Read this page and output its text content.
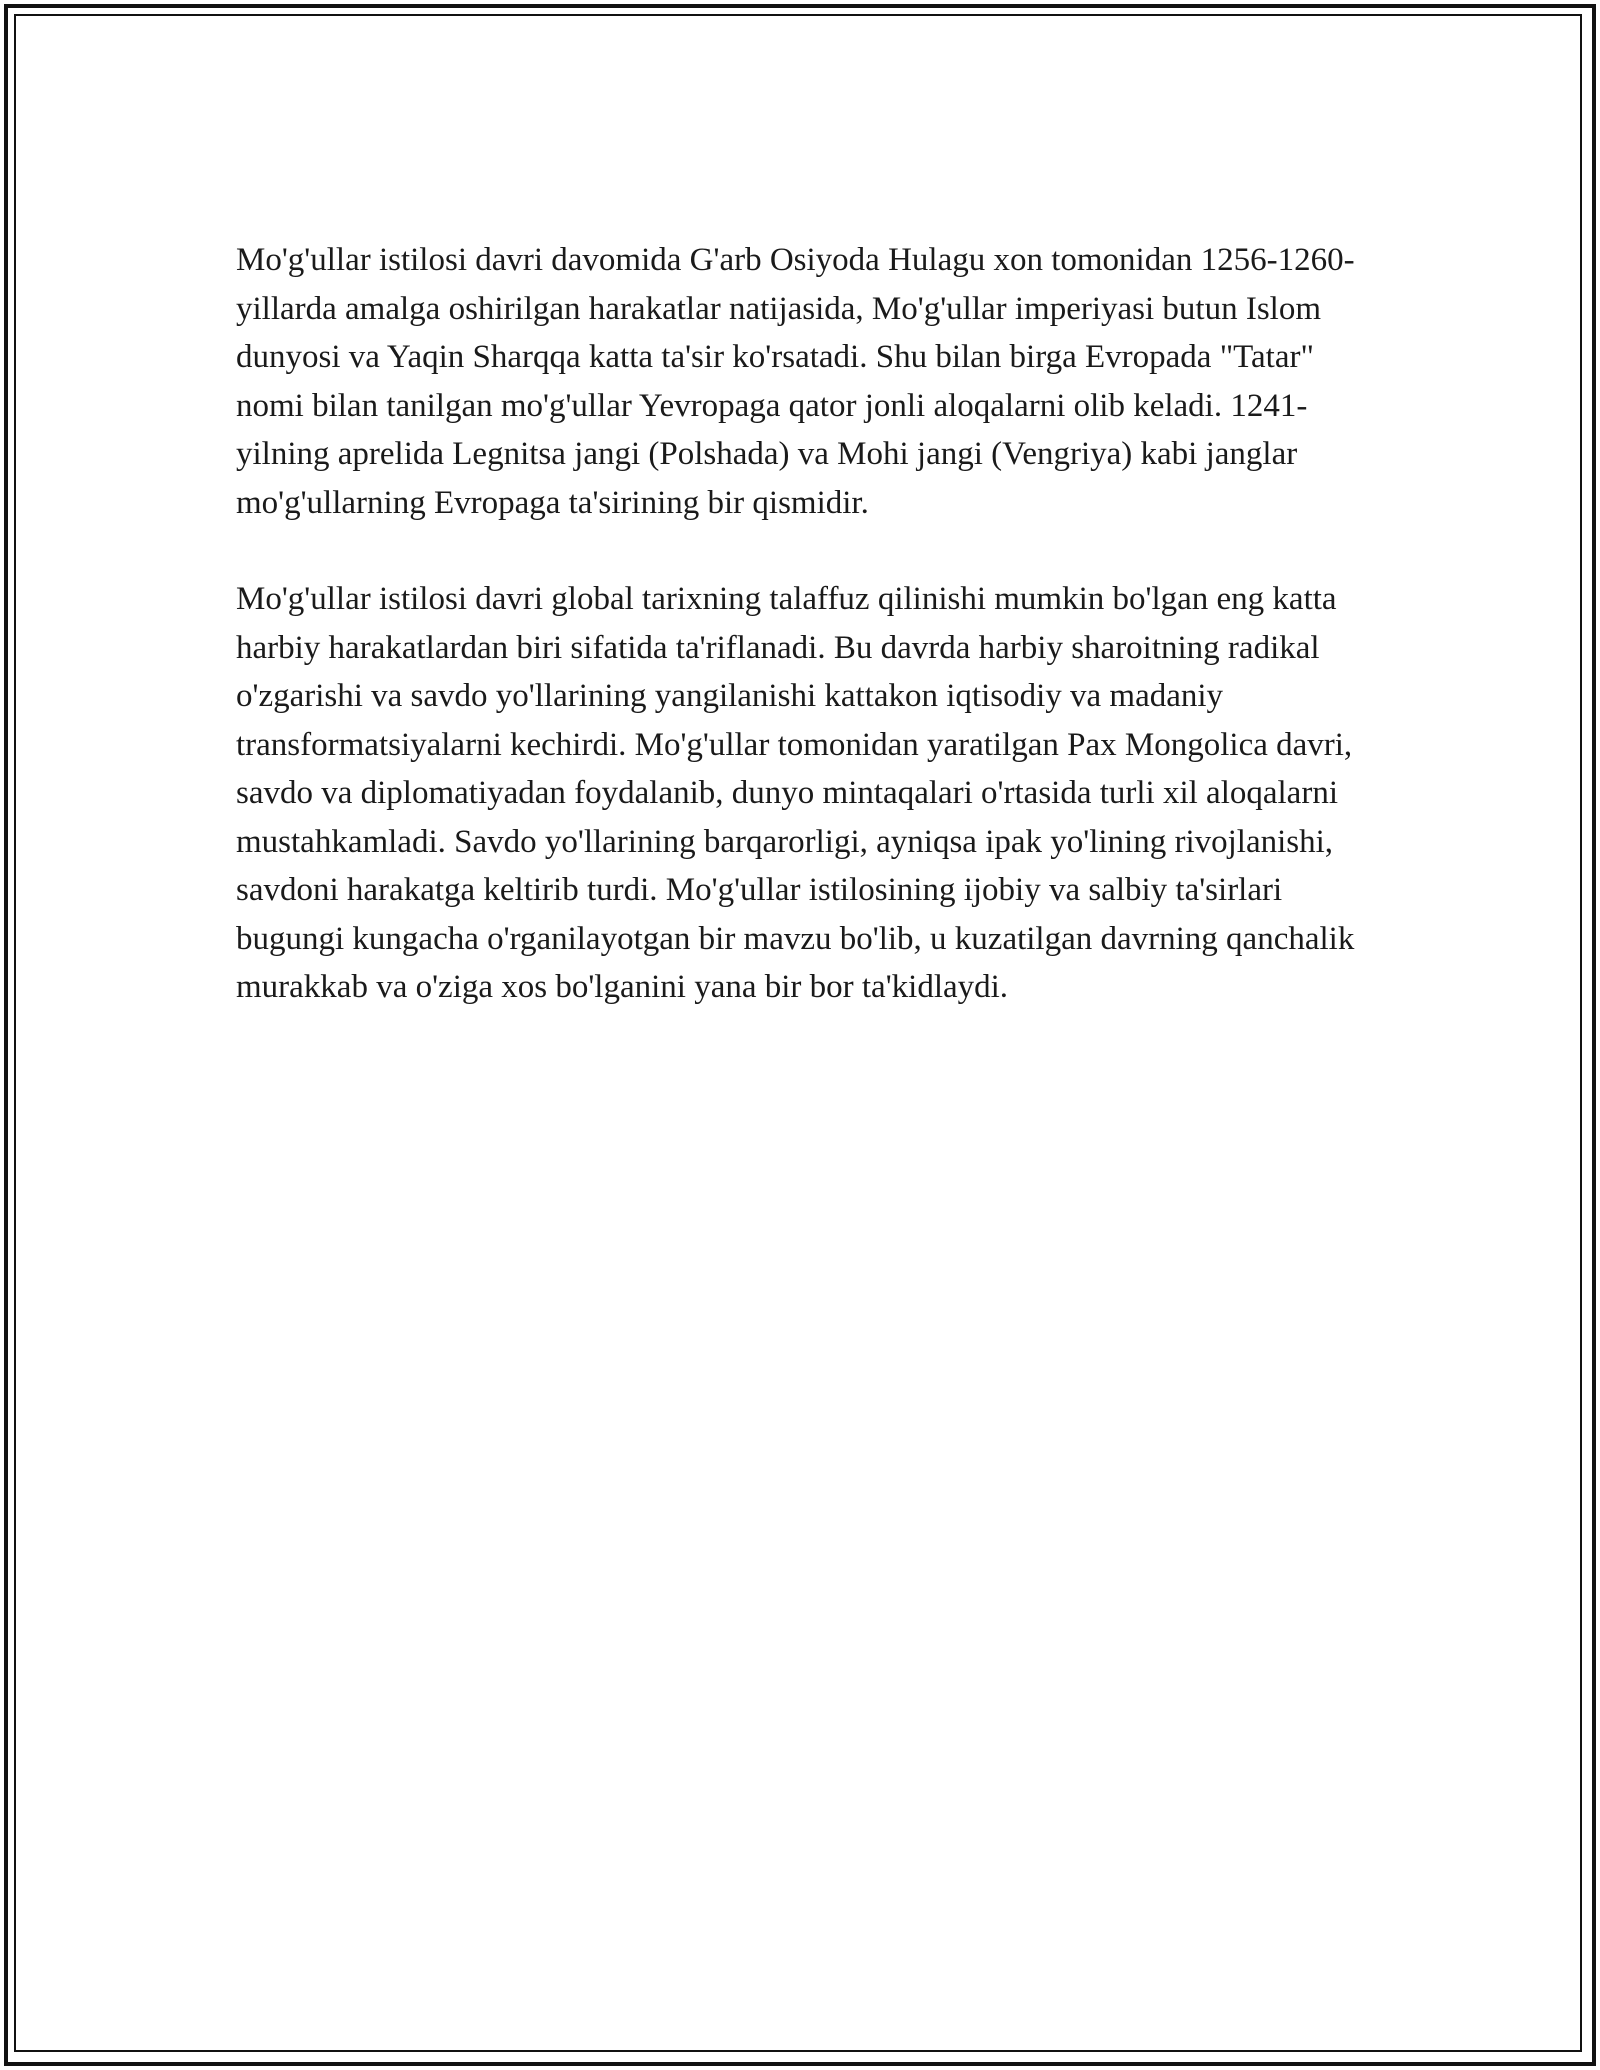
Mo'g'ullar istilosi davri davomida G'arb Osiyoda Hulagu xon tomonidan 1256-1260-yillarda amalga oshirilgan harakatlar natijasida, Mo'g'ullar imperiyasi butun Islom dunyosi va Yaqin Sharqqa katta ta'sir ko'rsatadi. Shu bilan birga Evropada "Tatar" nomi bilan tanilgan mo'g'ullar Yevropaga qator jonli aloqalarni olib keladi. 1241-yilning aprelida Legnitsa jangi (Polshada) va Mohi jangi (Vengriya) kabi janglar mo'g'ullarning Evropaga ta'sirining bir qismidir.

Mo'g'ullar istilosi davri global tarixning talaffuz qilinishi mumkin bo'lgan eng katta harbiy harakatlardan biri sifatida ta'riflanadi. Bu davrda harbiy sharoitning radikal o'zgarishi va savdo yo'llarining yangilanishi kattakon iqtisodiy va madaniy transformatsiyalarni kechirdi. Mo'g'ullar tomonidan yaratilgan Pax Mongolica davri, savdo va diplomatiyadan foydalanib, dunyo mintaqalari o'rtasida turli xil aloqalarni mustahkamladi. Savdo yo'llarining barqarorligi, ayniqsa ipak yo'lining rivojlanishi, savdoni harakatga keltirib turdi. Mo'g'ullar istilosining ijobiy va salbiy ta'sirlari bugungi kungacha o'rganilayotgan bir mavzu bo'lib, u kuzatilgan davrning qanchalik murakkab va o'ziga xos bo'lganini yana bir bor ta'kidlaydi.
